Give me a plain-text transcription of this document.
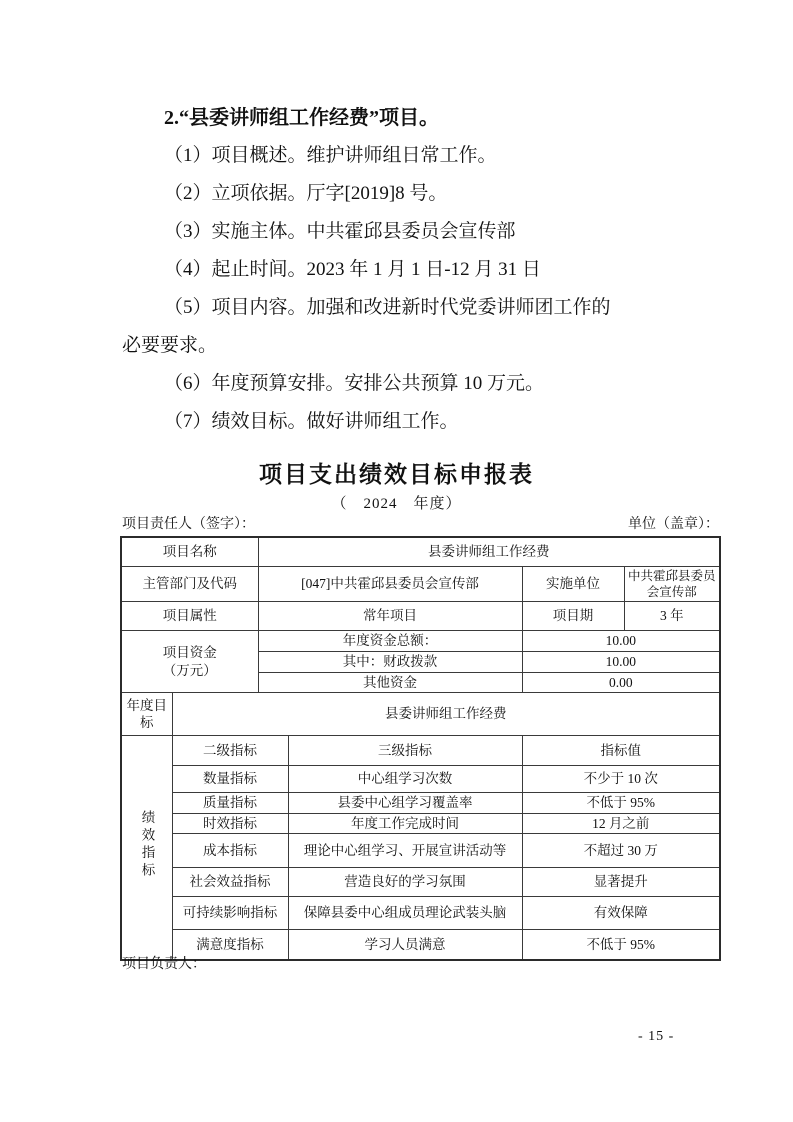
2.“县委讲师组工作经费”项目。
（1）项目概述。维护讲师组日常工作。
（2）立项依据。厅字[2019]8 号。
（3）实施主体。中共霍邱县委员会宣传部
（4）起止时间。2023 年 1 月 1 日-12 月 31 日
（5）项目内容。加强和改进新时代党委讲师团工作的
必要要求。
（6）年度预算安排。安排公共预算 10 万元。
（7）绩效目标。做好讲师组工作。
项目支出绩效目标申报表
（　2024　年度）
项目责任人（签字）：	单位（盖章）：
项目名称		县委讲师组工作经费			
主管部门及代码		[047]中共霍邱县委员会宣传部		实施单位	中共霍邱县委员会宣传部
项目属性		常年项目		项目期	3 年

项目资金
（万元）		年度资金总额：		10.00	
		其中：财政拨款		10.00	
		其他资金		0.00	
年度目标	县委讲师组工作经费				
绩效指标	二级指标		三级指标	指标值	
	数量指标		中心组学习次数	不少于 10 次	
	质量指标		县委中心组学习覆盖率	不低于 95%	
	时效指标		年度工作完成时间	12 月之前	
	成本指标		理论中心组学习、开展宣讲活动等	不超过 30 万	
	社会效益指标		营造良好的学习氛围	显著提升	
	可持续影响指标		保障县委中心组成员理论武装头脑	有效保障	
	满意度指标		学习人员满意	不低于 95%	
项目负责人：
- 15 -
